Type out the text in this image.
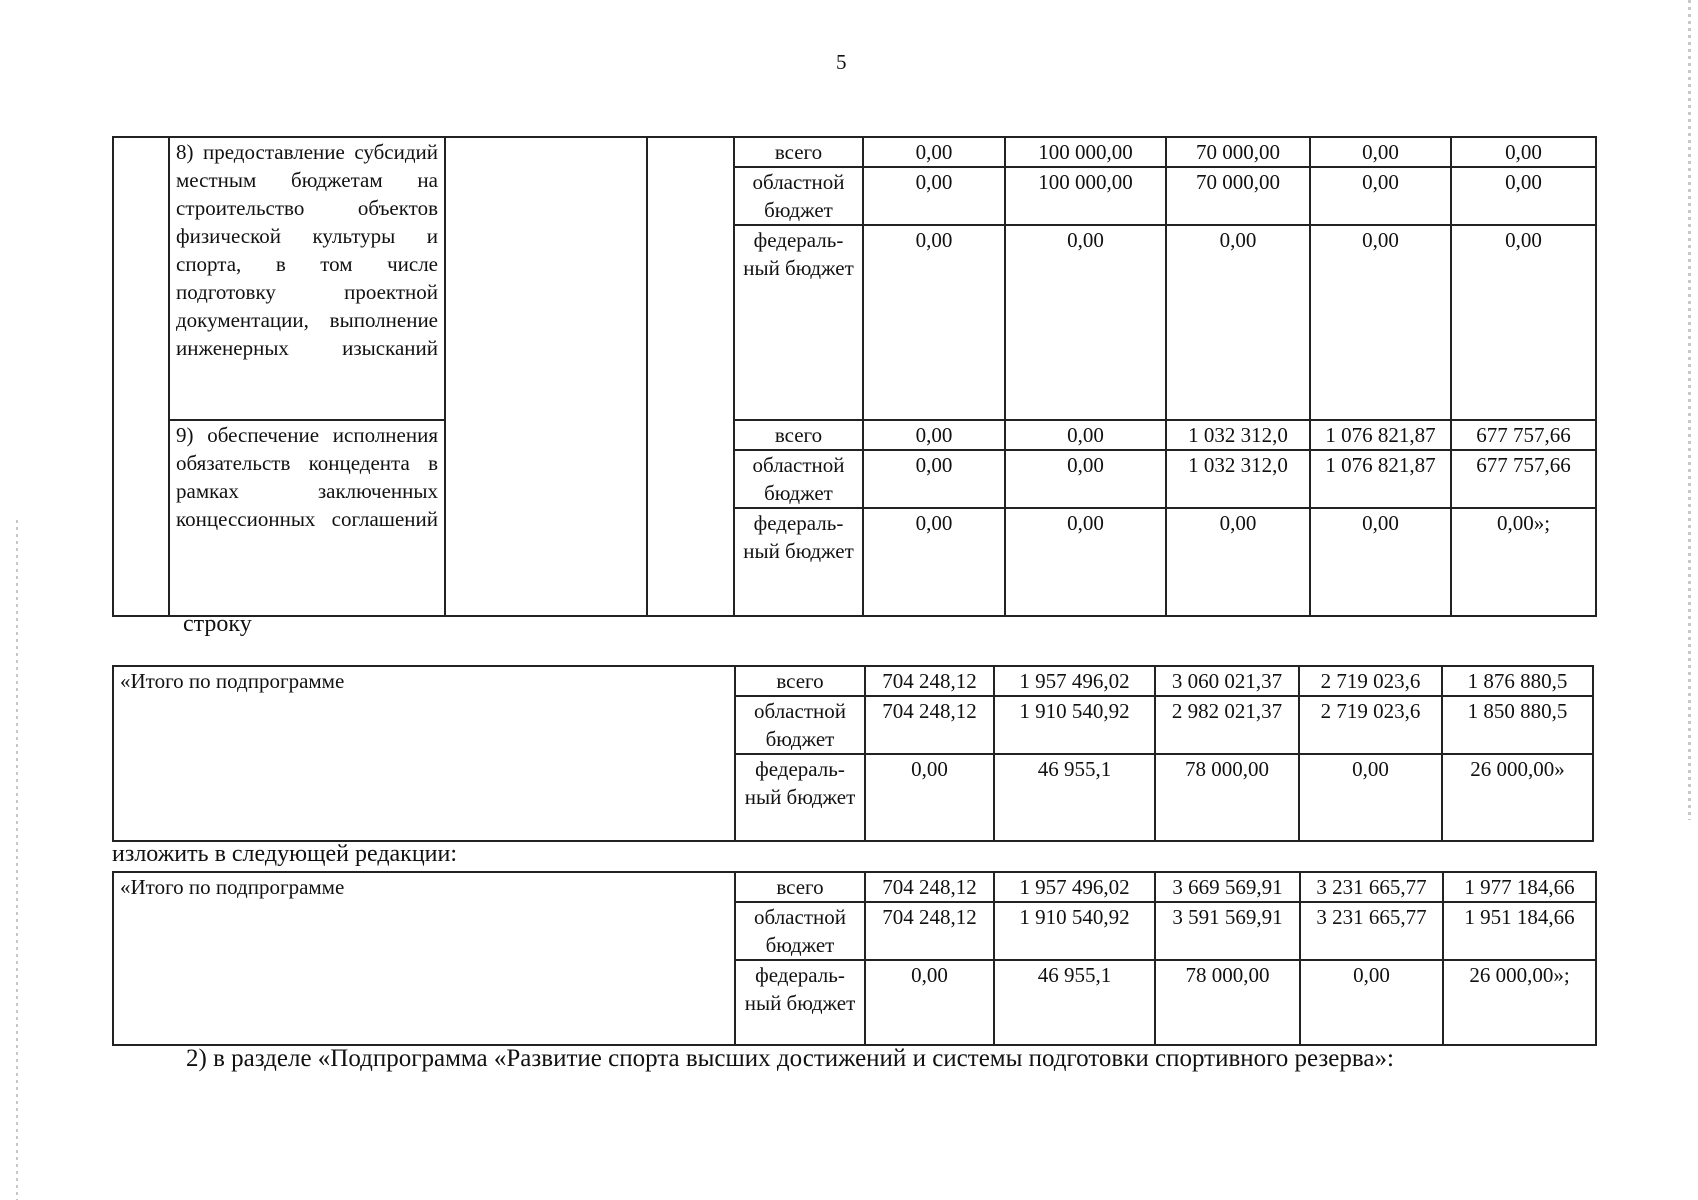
5
	8) предоставление субсидий местным бюджетам на строительство объектов физической культуры и спорта, в том числе подготовку проектной документации, выполнение инженерных изысканий			всего	0,00	100 000,00	70 000,00	0,00	0,00
				областной бюджет	0,00	100 000,00	70 000,00	0,00	0,00
				федераль-ный бюджет	0,00	0,00	0,00	0,00	0,00
	9) обеспечение исполнения обязательств концедента в рамках заключенных концессионных соглашений			всего	0,00	0,00	1 032 312,0	1 076 821,87	677 757,66
				областной бюджет	0,00	0,00	1 032 312,0	1 076 821,87	677 757,66
				федераль-ный бюджет	0,00	0,00	0,00	0,00	0,00»;
строку
«Итого по подпрограмме	всего	704 248,12	1 957 496,02	3 060 021,37	2 719 023,6	1 876 880,5
	областной бюджет	704 248,12	1 910 540,92	2 982 021,37	2 719 023,6	1 850 880,5
	федераль-ный бюджет	0,00	46 955,1	78 000,00	0,00	26 000,00»
изложить в следующей редакции:
«Итого по подпрограмме	всего	704 248,12	1 957 496,02	3 669 569,91	3 231 665,77	1 977 184,66
	областной бюджет	704 248,12	1 910 540,92	3 591 569,91	3 231 665,77	1 951 184,66
	федераль-ный бюджет	0,00	46 955,1	78 000,00	0,00	26 000,00»;
2) в разделе «Подпрограмма «Развитие спорта высших достижений и системы подготовки спортивного резерва»:
